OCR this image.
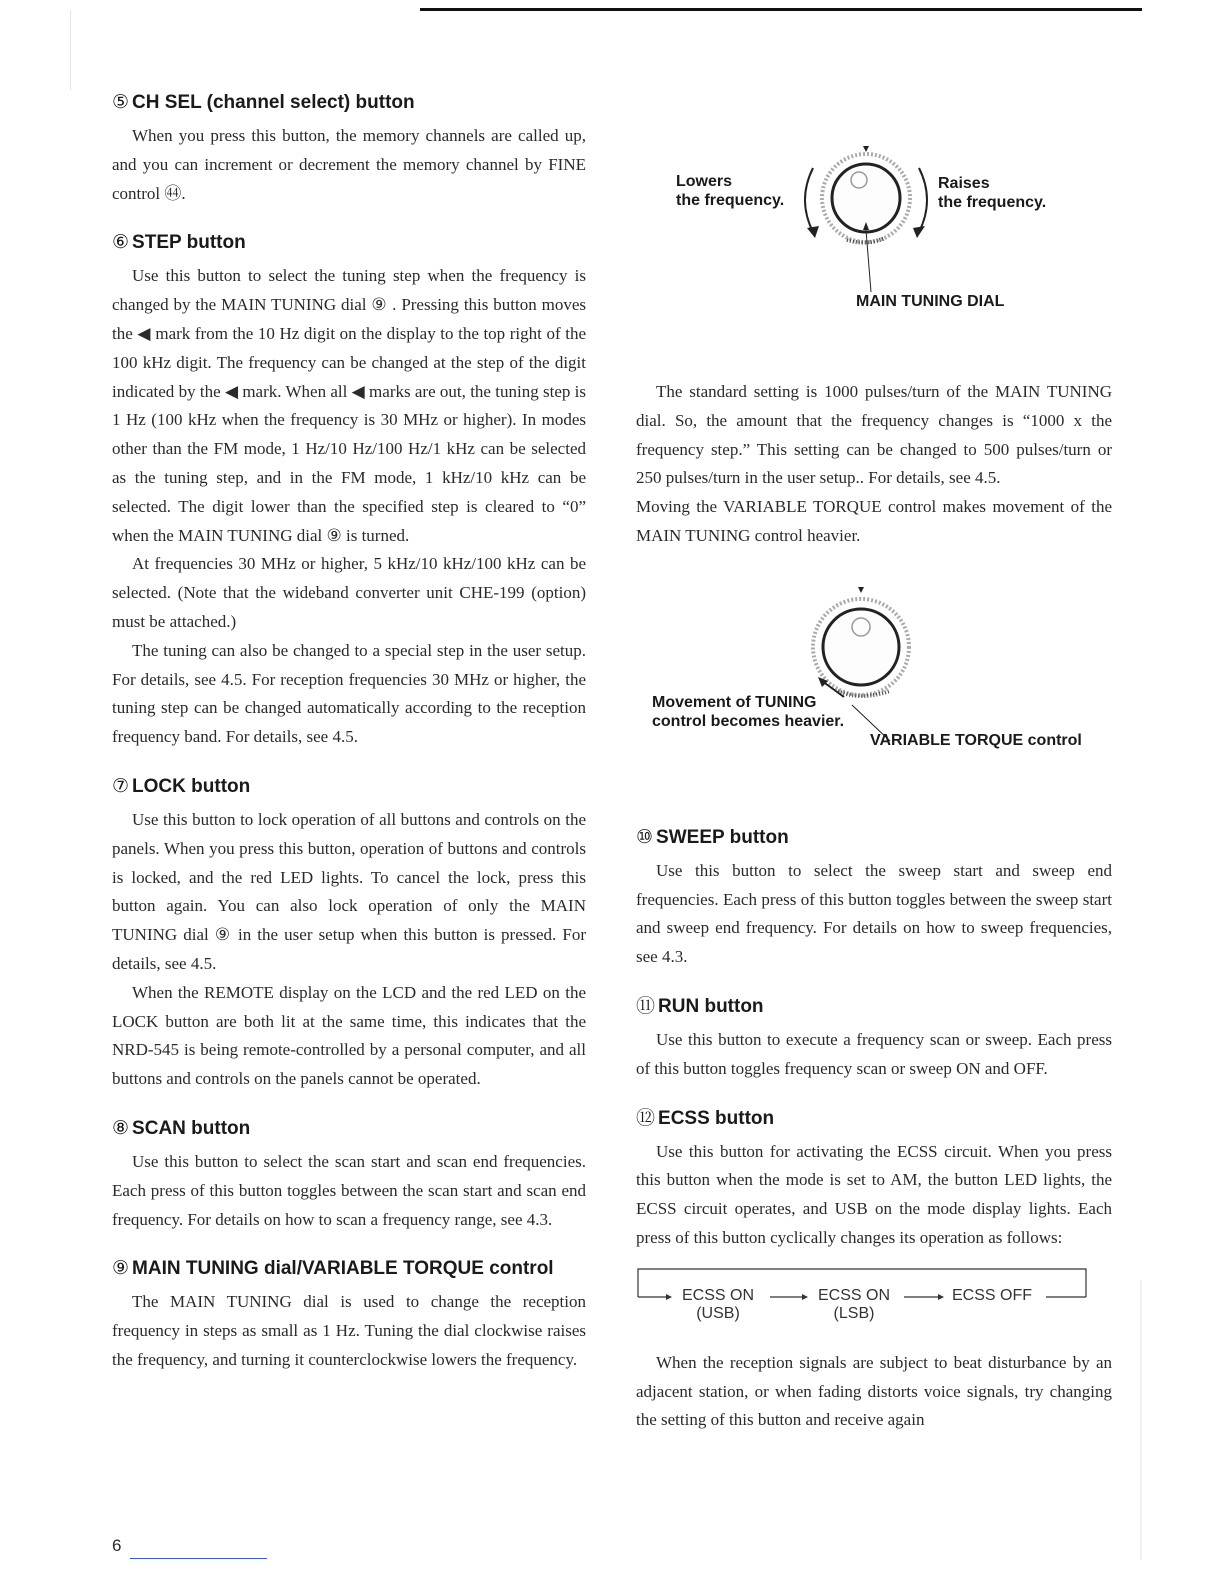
⑤ CH SEL (channel select) button

When you press this button, the memory channels are called up, and you can increment or decrement the memory channel by FINE control ㊹.

⑥ STEP button

Use this button to select the tuning step when the frequency is changed by the MAIN TUNING dial ⑨ . Pressing this button moves the ◀ mark from the 10 Hz digit on the display to the top right of the 100 kHz digit. The frequency can be changed at the step of the digit indicated by the ◀ mark. When all ◀ marks are out, the tuning step is 1 Hz (100 kHz when the frequency is 30 MHz or higher). In modes other than the FM mode, 1 Hz/10 Hz/100 Hz/1 kHz can be selected as the tuning step, and in the FM mode, 1 kHz/10 kHz can be selected. The digit lower than the specified step is cleared to “0” when the MAIN TUNING dial ⑨ is turned.

At frequencies 30 MHz or higher, 5 kHz/10 kHz/100 kHz can be selected. (Note that the wideband converter unit CHE-199 (option) must be attached.)

The tuning can also be changed to a special step in the user setup. For details, see 4.5. For reception frequencies 30 MHz or higher, the tuning step can be changed automatically according to the reception frequency band. For details, see 4.5.

⑦ LOCK button

Use this button to lock operation of all buttons and controls on the panels. When you press this button, operation of buttons and controls is locked, and the red LED lights. To cancel the lock, press this button again. You can also lock operation of only the MAIN TUNING dial ⑨ in the user setup when this button is pressed. For details, see 4.5.

When the REMOTE display on the LCD and the red LED on the LOCK button are both lit at the same time, this indicates that the NRD-545 is being remote-controlled by a personal computer, and all buttons and controls on the panels cannot be operated.

⑧ SCAN button

Use this button to select the scan start and scan end frequencies. Each press of this button toggles between the scan start and scan end frequency. For details on how to scan a frequency range, see 4.3.

⑨ MAIN TUNING dial/VARIABLE TORQUE control

The MAIN TUNING dial is used to change the reception frequency in steps as small as 1 Hz. Tuning the dial clockwise raises the frequency, and turning it counterclockwise lowers the frequency.

Lowers
the frequency.
Raises
the frequency.
MAIN TUNING DIAL

The standard setting is 1000 pulses/turn of the MAIN TUNING dial. So, the amount that the frequency changes is “1000 x the frequency step.” This setting can be changed to 500 pulses/turn or 250 pulses/turn in the user setup.. For details, see 4.5.

Moving the VARIABLE TORQUE control makes movement of the MAIN TUNING control heavier.

Movement of TUNING
control becomes heavier.
VARIABLE TORQUE control
⑩ SWEEP button

Use this button to select the sweep start and sweep end frequencies. Each press of this button toggles between the sweep start and sweep end frequency. For details on how to sweep frequencies, see 4.3.

⑪ RUN button

Use this button to execute a frequency scan or sweep. Each press of this button toggles frequency scan or sweep ON and OFF.

⑫ ECSS button

Use this button for activating the ECSS circuit. When you press this button when the mode is set to AM, the button LED lights, the ECSS circuit operates, and USB on the mode display lights. Each press of this button cyclically changes its operation as follows:

ECSS ON
(USB)
ECSS ON
(LSB)
ECSS OFF

When the reception signals are subject to beat disturbance by an adjacent station, or when fading distorts voice signals, try changing the setting of this button and receive again

6
